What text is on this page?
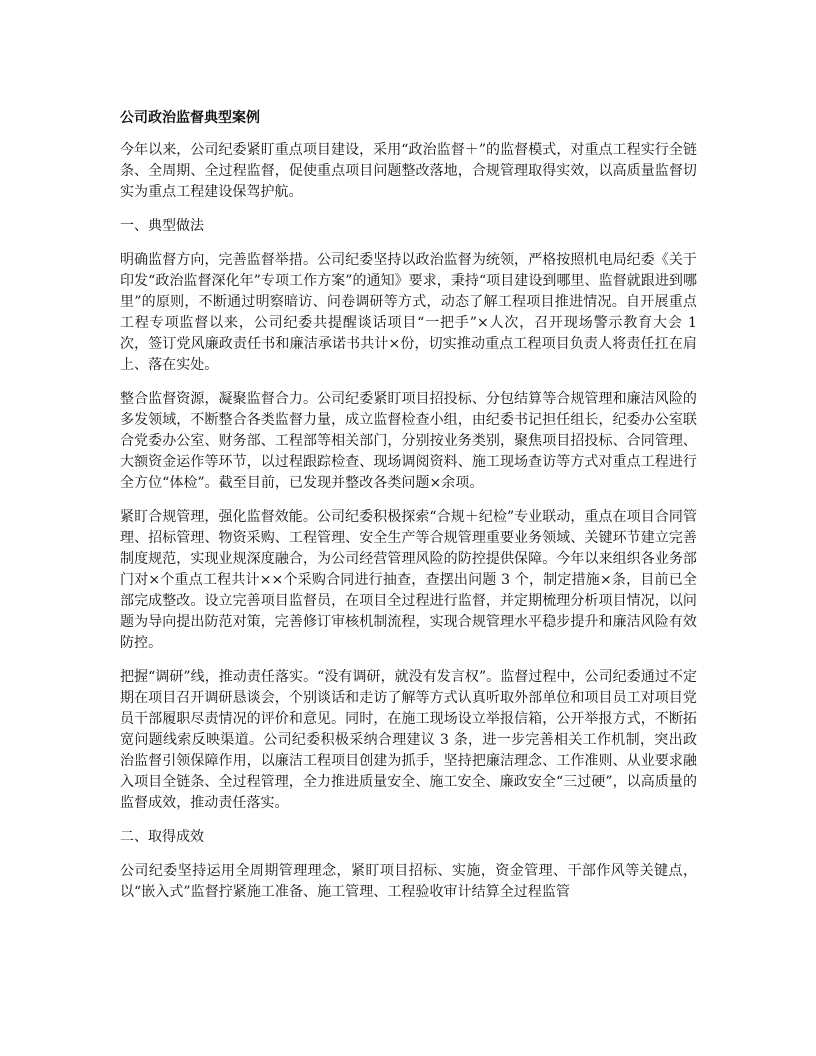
公司政治监督典型案例

今年以来，公司纪委紧盯重点项目建设，采用“政治监督＋”的监督模式，对重点工程实行全链条、全周期、全过程监督，促使重点项目问题整改落地，合规管理取得实效，以高质量监督切实为重点工程建设保驾护航。

一、典型做法

明确监督方向，完善监督举措。公司纪委坚持以政治监督为统领，严格按照机电局纪委《关于印发“政治监督深化年”专项工作方案”的通知》要求，秉持“项目建设到哪里、监督就跟进到哪里”的原则，不断通过明察暗访、问卷调研等方式，动态了解工程项目推进情况。自开展重点工程专项监督以来，公司纪委共提醒谈话项目“一把手”×人次，召开现场警示教育大会 1 次，签订党风廉政责任书和廉洁承诺书共计×份，切实推动重点工程项目负责人将责任扛在肩上、落在实处。

整合监督资源，凝聚监督合力。公司纪委紧盯项目招投标、分包结算等合规管理和廉洁风险的多发领域，不断整合各类监督力量，成立监督检查小组，由纪委书记担任组长，纪委办公室联合党委办公室、财务部、工程部等相关部门，分别按业务类别，聚焦项目招投标、合同管理、大额资金运作等环节，以过程跟踪检查、现场调阅资料、施工现场查访等方式对重点工程进行全方位“体检”。截至目前，已发现并整改各类问题×余项。

紧盯合规管理，强化监督效能。公司纪委积极探索“合规＋纪检”专业联动，重点在项目合同管理、招标管理、物资采购、工程管理、安全生产等合规管理重要业务领域、关键环节建立完善制度规范，实现业规深度融合，为公司经营管理风险的防控提供保障。今年以来组织各业务部门对×个重点工程共计××个采购合同进行抽查，查摆出问题 3 个，制定措施×条，目前已全部完成整改。设立完善项目监督员，在项目全过程进行监督，并定期梳理分析项目情况，以问题为导向提出防范对策，完善修订审核机制流程，实现合规管理水平稳步提升和廉洁风险有效防控。

把握“调研”线，推动责任落实。“没有调研，就没有发言权”。监督过程中，公司纪委通过不定期在项目召开调研恳谈会，个别谈话和走访了解等方式认真听取外部单位和项目员工对项目党员干部履职尽责情况的评价和意见。同时，在施工现场设立举报信箱，公开举报方式，不断拓宽问题线索反映渠道。公司纪委积极采纳合理建议 3 条，进一步完善相关工作机制，突出政治监督引领保障作用，以廉洁工程项目创建为抓手，坚持把廉洁理念、工作准则、从业要求融入项目全链条、全过程管理，全力推进质量安全、施工安全、廉政安全“三过硬”，以高质量的监督成效，推动责任落实。

二、取得成效

公司纪委坚持运用全周期管理理念，紧盯项目招标、实施，资金管理、干部作风等关键点，以“嵌入式”监督拧紧施工准备、施工管理、工程验收审计结算全过程监管
